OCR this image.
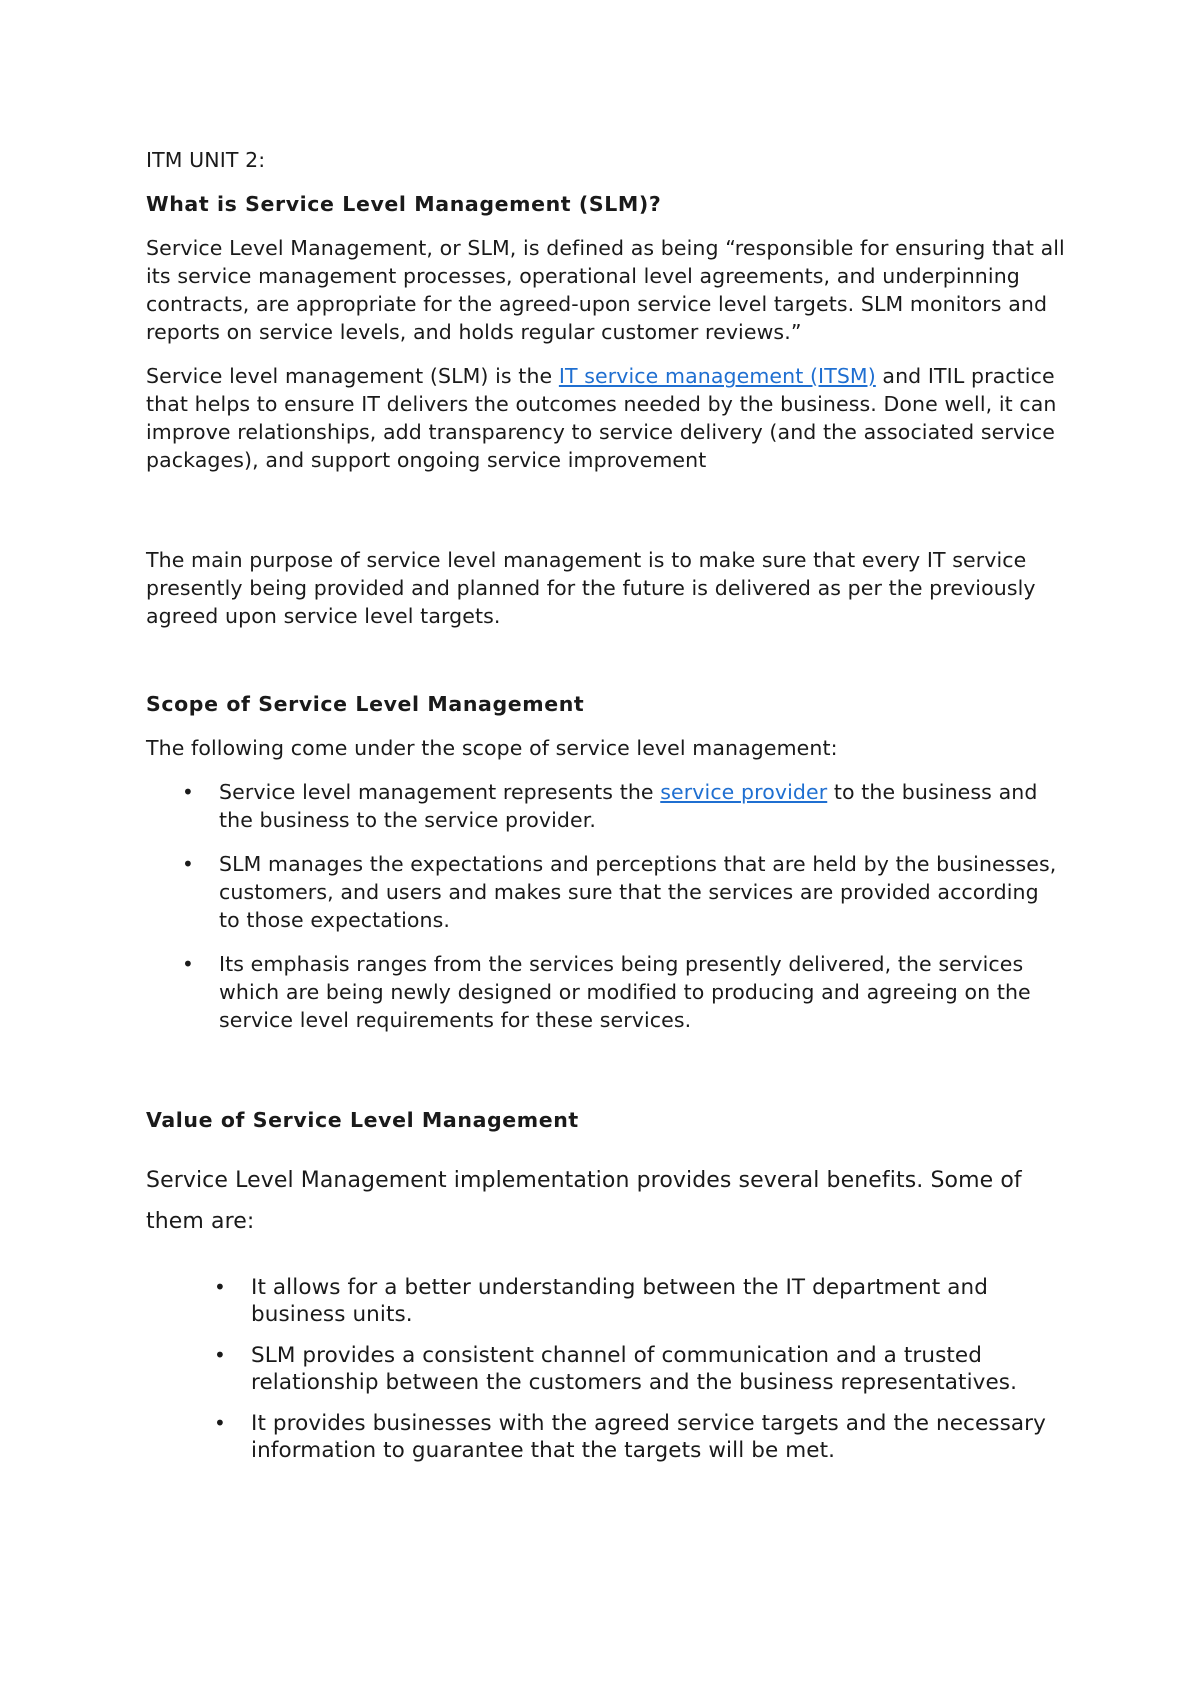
ITM UNIT 2:

What is Service Level Management (SLM)?

Service Level Management, or SLM, is defined as being “responsible for ensuring that all its service management processes, operational level agreements, and underpinning contracts, are appropriate for the agreed-upon service level targets. SLM monitors and reports on service levels, and holds regular customer reviews.”

Service level management (SLM) is the IT service management (ITSM) and ITIL practice that helps to ensure IT delivers the outcomes needed by the business. Done well, it can improve relationships, add transparency to service delivery (and the associated service packages), and support ongoing service improvement

The main purpose of service level management is to make sure that every IT service presently being provided and planned for the future is delivered as per the previously agreed upon service level targets.

Scope of Service Level Management

The following come under the scope of service level management:

• Service level management represents the service provider to the business and the business to the service provider.
• SLM manages the expectations and perceptions that are held by the businesses, customers, and users and makes sure that the services are provided according to those expectations.
• Its emphasis ranges from the services being presently delivered, the services which are being newly designed or modified to producing and agreeing on the service level requirements for these services.

Value of Service Level Management

Service Level Management implementation provides several benefits. Some of them are:

• It allows for a better understanding between the IT department and business units.
• SLM provides a consistent channel of communication and a trusted relationship between the customers and the business representatives.
• It provides businesses with the agreed service targets and the necessary information to guarantee that the targets will be met.
